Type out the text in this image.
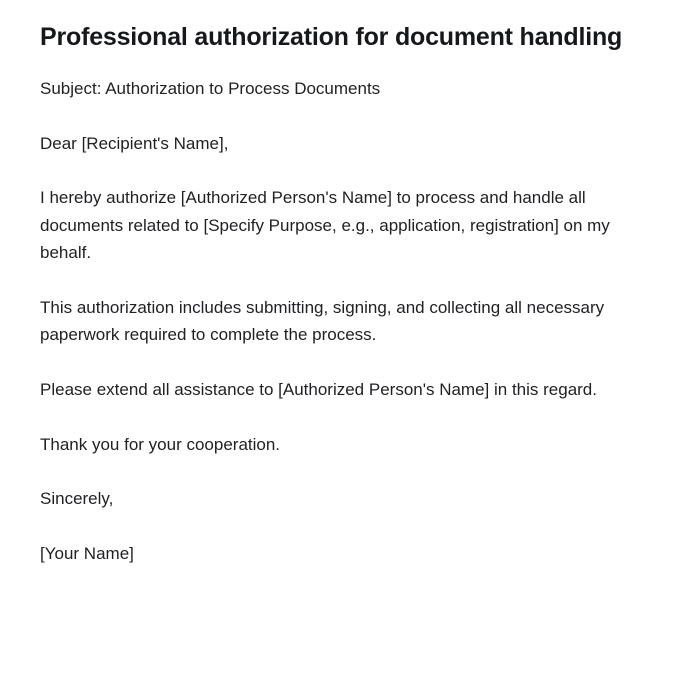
Professional authorization for document handling

Subject: Authorization to Process Documents

Dear [Recipient's Name],

I hereby authorize [Authorized Person's Name] to process and handle all documents related to [Specify Purpose, e.g., application, registration] on my behalf.

This authorization includes submitting, signing, and collecting all necessary paperwork required to complete the process.

Please extend all assistance to [Authorized Person's Name] in this regard.

Thank you for your cooperation.

Sincerely,

[Your Name]
